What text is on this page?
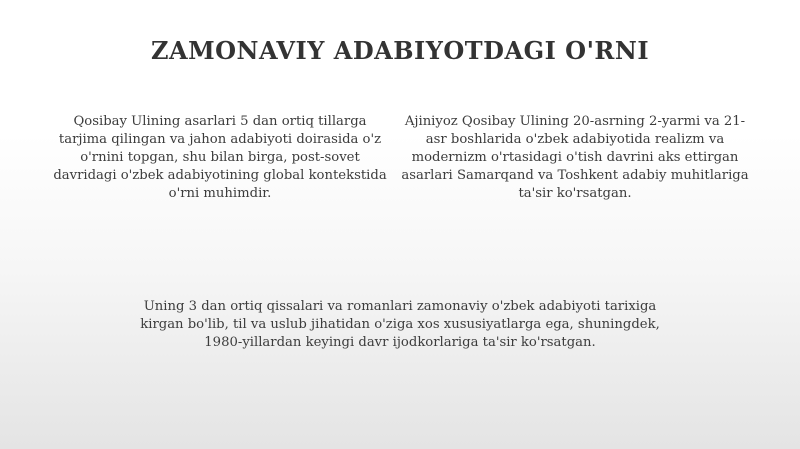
ZAMONAVIY ADABIYOTDAGI O'RNI

Qosibay Ulining asarlari 5 dan ortiq tillarga tarjima qilingan va jahon adabiyoti doirasida o'z o'rnini topgan, shu bilan birga, post-sovet davridagi o'zbek adabiyotining global kontekstida o'rni muhimdir.

Ajiniyoz Qosibay Ulining 20-asrning 2-yarmi va 21-asr boshlarida o'zbek adabiyotida realizm va modernizm o'rtasidagi o'tish davrini aks ettirgan asarlari Samarqand va Toshkent adabiy muhitlariga ta'sir ko'rsatgan.

Uning 3 dan ortiq qissalari va romanlari zamonaviy o'zbek adabiyoti tarixiga kirgan bo'lib, til va uslub jihatidan o'ziga xos xususiyatlarga ega, shuningdek, 1980-yillardan keyingi davr ijodkorlariga ta'sir ko'rsatgan.
